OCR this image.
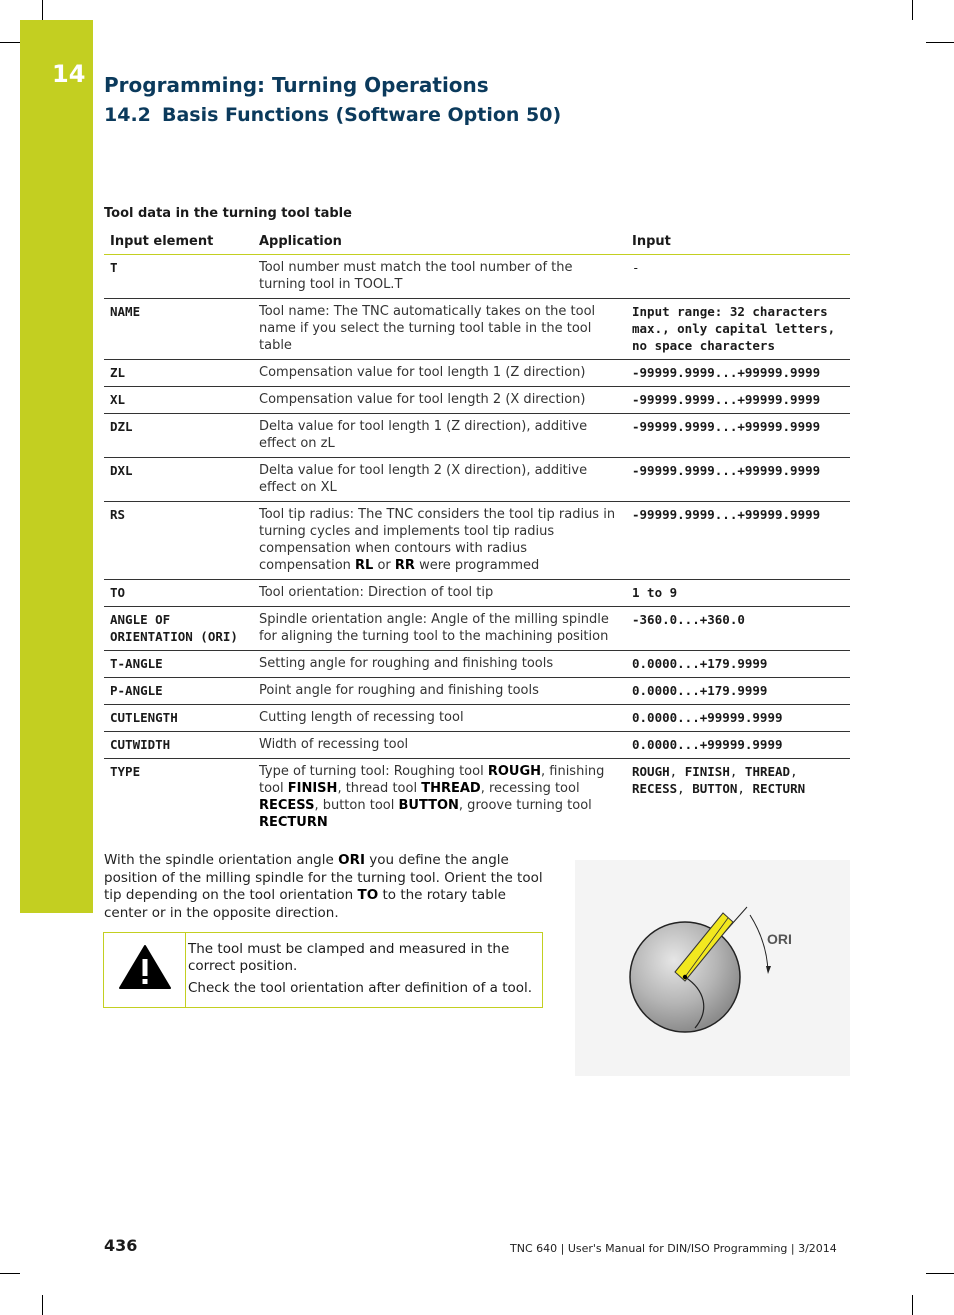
14 Programming: Turning Operations
14.2 Basis Functions (Software Option 50)
Tool data in the turning tool table
Input element	Application	Input
T	Tool number must match the tool number of the turning tool in TOOL.T	-
NAME	Tool name: The TNC automatically takes on the tool name if you select the turning tool table in the tool table	Input range: 32 characters max., only capital letters, no space characters
ZL	Compensation value for tool length 1 (Z direction)	-99999.9999...+99999.9999
XL	Compensation value for tool length 2 (X direction)	-99999.9999...+99999.9999
DZL	Delta value for tool length 1 (Z direction), additive effect on zL	-99999.9999...+99999.9999
DXL	Delta value for tool length 2 (X direction), additive effect on XL	-99999.9999...+99999.9999
RS	Tool tip radius: The TNC considers the tool tip radius in turning cycles and implements tool tip radius compensation when contours with radius compensation RL or RR were programmed	-99999.9999...+99999.9999
TO	Tool orientation: Direction of tool tip	1 to 9
ANGLE OF ORIENTATION (ORI)	Spindle orientation angle: Angle of the milling spindle for aligning the turning tool to the machining position	-360.0...+360.0
T-ANGLE	Setting angle for roughing and finishing tools	0.0000...+179.9999
P-ANGLE	Point angle for roughing and finishing tools	0.0000...+179.9999
CUTLENGTH	Cutting length of recessing tool	0.0000...+99999.9999
CUTWIDTH	Width of recessing tool	0.0000...+99999.9999
TYPE	Type of turning tool: Roughing tool ROUGH, finishing tool FINISH, thread tool THREAD, recessing tool RECESS, button tool BUTTON, groove turning tool RECTURN	ROUGH, FINISH, THREAD,
RECESS, BUTTON, RECTURN
With the spindle orientation angle ORI you define the angle position of the milling spindle for the turning tool. Orient the tool tip depending on the tool orientation TO to the rotary table center or in the opposite direction.
The tool must be clamped and measured in the correct position.
Check the tool orientation after definition of a tool.
ORI
436	TNC 640 | User's Manual for DIN/ISO Programming | 3/2014
